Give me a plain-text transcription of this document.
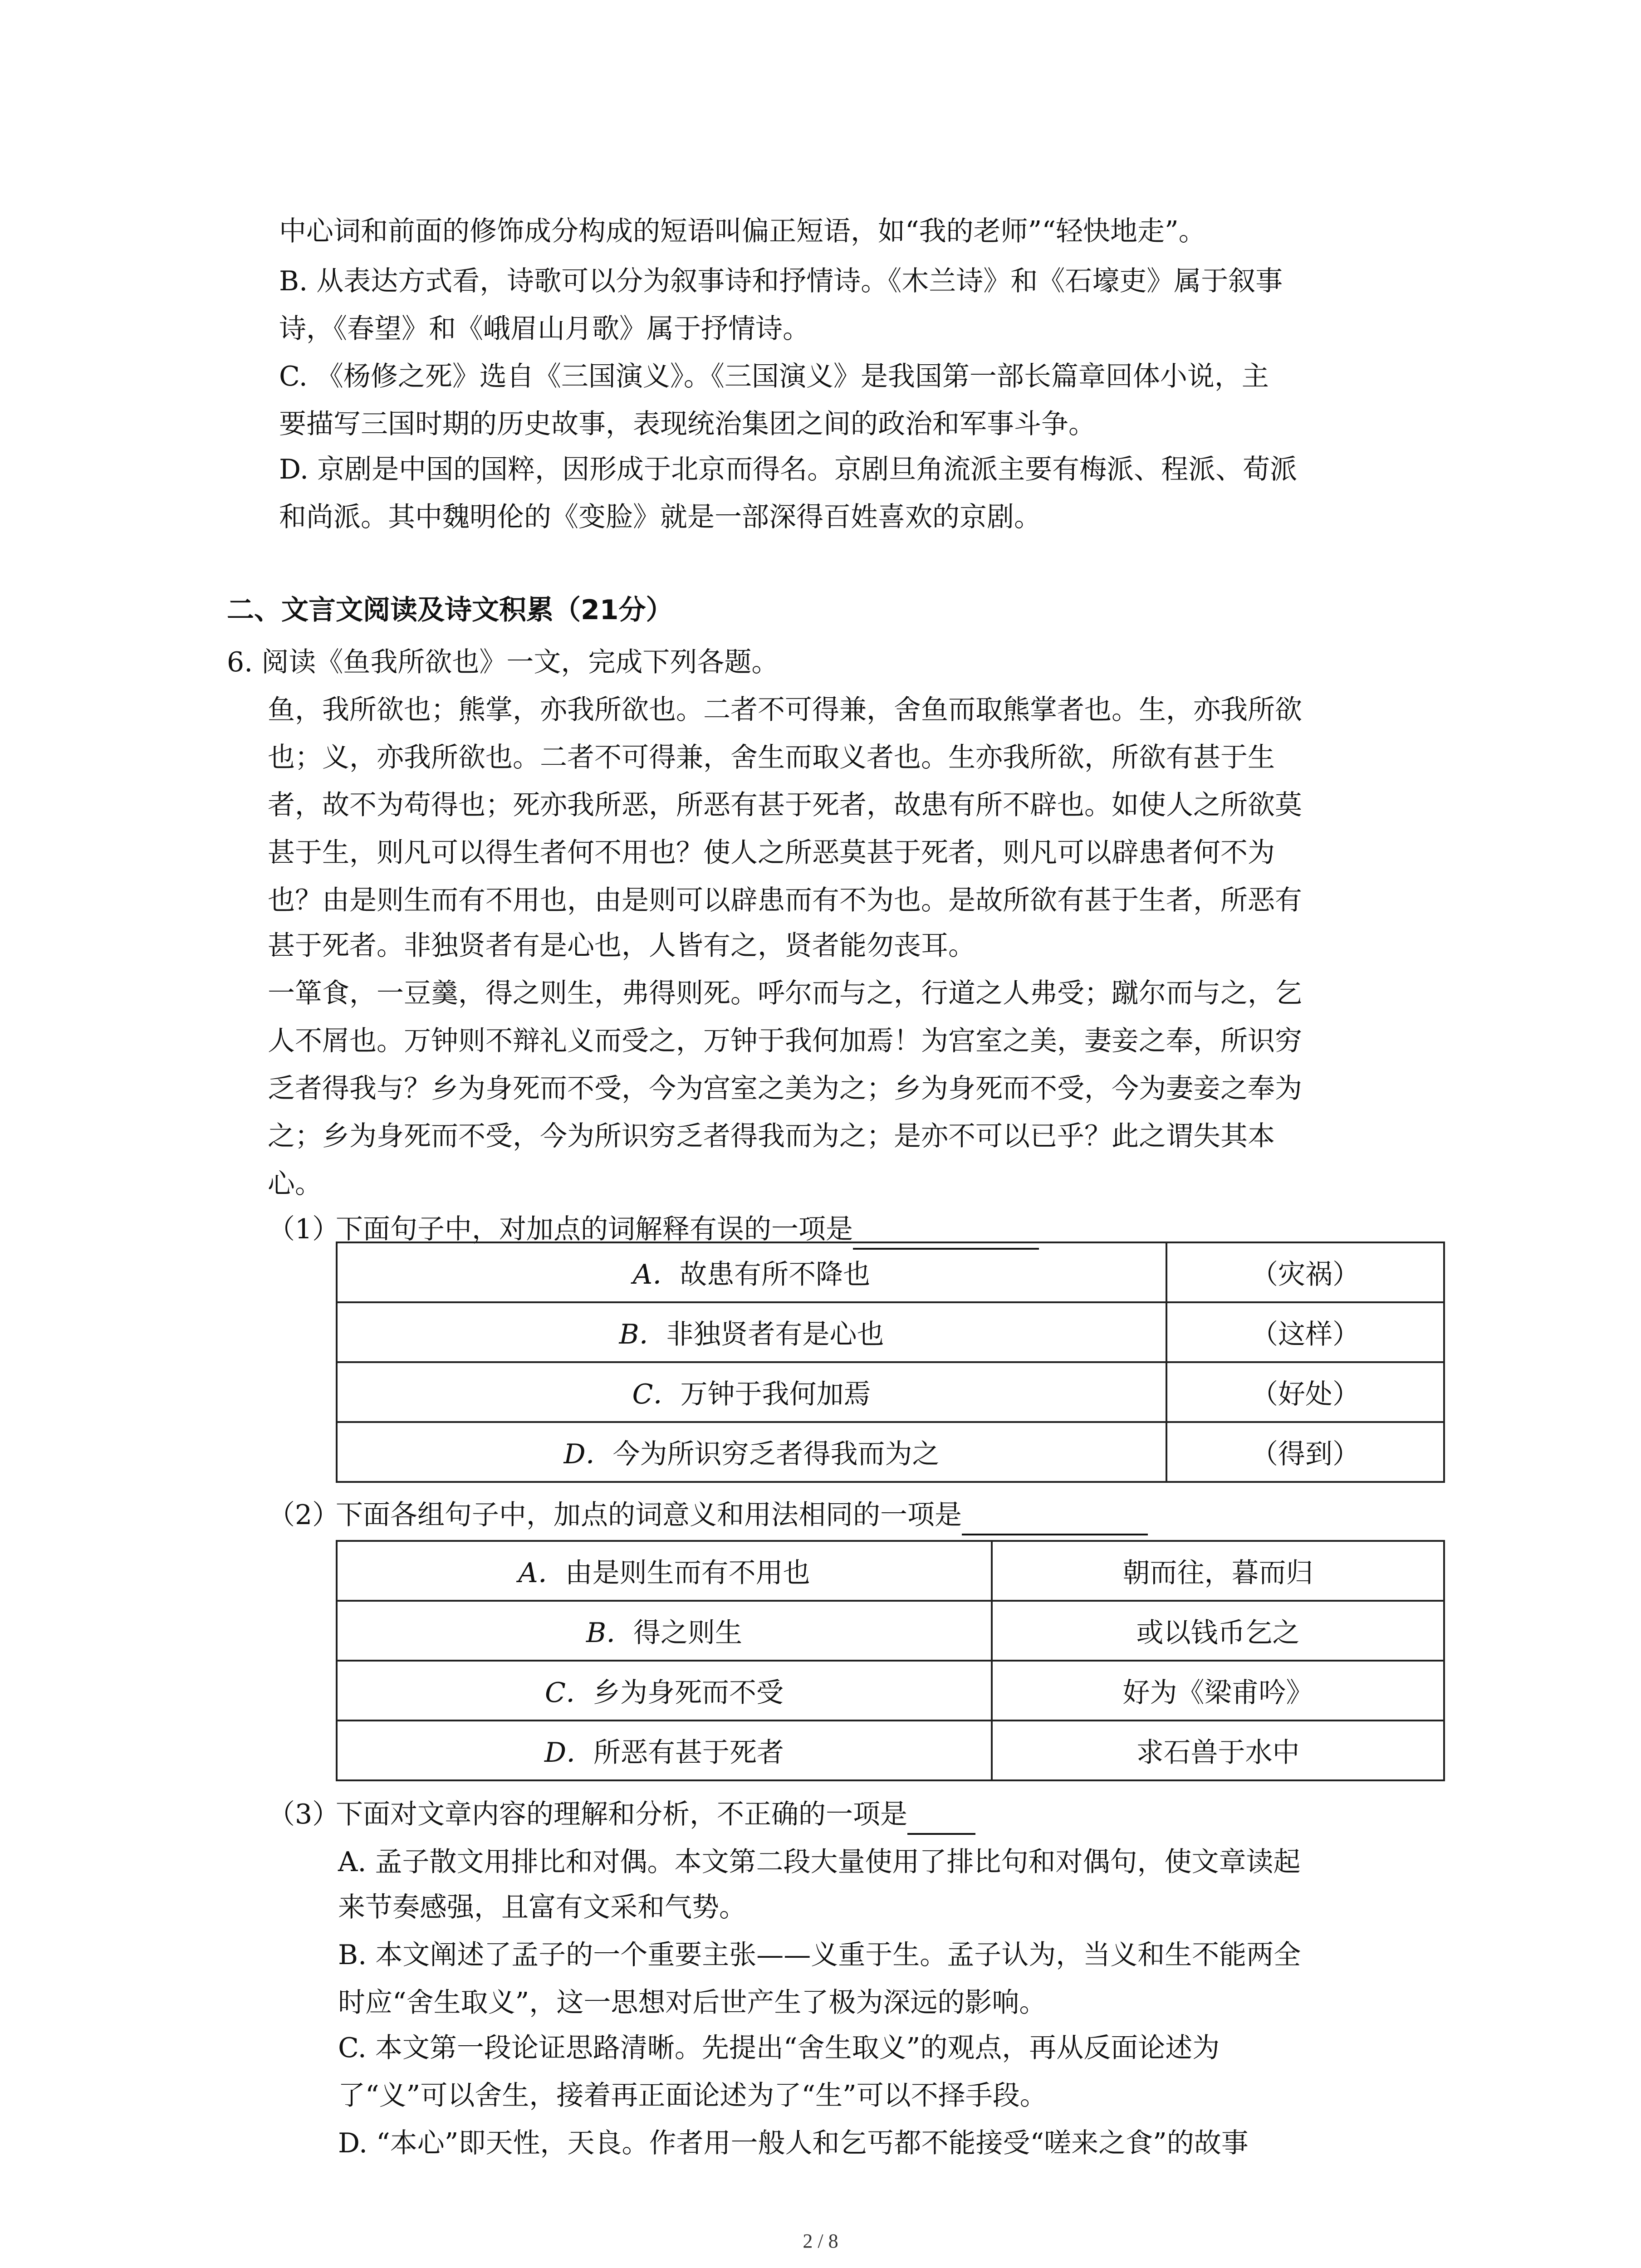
中心词和前面的修饰成分构成的短语叫偏正短语，如“我的老师”“轻快地走”。
B. 从表达方式看，诗歌可以分为叙事诗和抒情诗。《木兰诗》和《石壕吏》属于叙事
诗，《春望》和《峨眉山月歌》属于抒情诗。
C. 《杨修之死》选自《三国演义》。《三国演义》是我国第一部长篇章回体小说，主
要描写三国时期的历史故事，表现统治集团之间的政治和军事斗争。
D. 京剧是中国的国粹，因形成于北京而得名。京剧旦角流派主要有梅派、程派、荀派
和尚派。其中魏明伦的《变脸》就是一部深得百姓喜欢的京剧。
二、文言文阅读及诗文积累（21分）
6. 阅读《鱼我所欲也》一文，完成下列各题。
鱼，我所欲也；熊掌，亦我所欲也。二者不可得兼，舍鱼而取熊掌者也。生，亦我所欲
也；义，亦我所欲也。二者不可得兼，舍生而取义者也。生亦我所欲，所欲有甚于生
者，故不为苟得也；死亦我所恶，所恶有甚于死者，故患有所不辟也。如使人之所欲莫
甚于生，则凡可以得生者何不用也？使人之所恶莫甚于死者，则凡可以辟患者何不为
也？由是则生而有不用也，由是则可以辟患而有不为也。是故所欲有甚于生者，所恶有
甚于死者。非独贤者有是心也，人皆有之，贤者能勿丧耳。
一箪食，一豆羹，得之则生，弗得则死。呼尔而与之，行道之人弗受；蹴尔而与之，乞
人不屑也。万钟则不辩礼义而受之，万钟于我何加焉！为宫室之美，妻妾之奉，所识穷
乏者得我与？乡为身死而不受，今为宫室之美为之；乡为身死而不受，今为妻妾之奉为
之；乡为身死而不受，今为所识穷乏者得我而为之；是亦不可以已乎？此之谓失其本
心。
（1）下面句子中，对加点的词解释有误的一项是
A．故患有所不降也	（灾祸）
B．非独贤者有是心也	（这样）
C．万钟于我何加焉	（好处）
D．今为所识穷乏者得我而为之	（得到）
（2）下面各组句子中，加点的词意义和用法相同的一项是
A．由是则生而有不用也	朝而往，暮而归
B．得之则生	或以钱币乞之
C．乡为身死而不受	好为《梁甫吟》
D．所恶有甚于死者	求石兽于水中
（3）下面对文章内容的理解和分析，不正确的一项是
A. 孟子散文用排比和对偶。本文第二段大量使用了排比句和对偶句，使文章读起
来节奏感强，且富有文采和气势。
B. 本文阐述了孟子的一个重要主张——义重于生。孟子认为，当义和生不能两全
时应“舍生取义”，这一思想对后世产生了极为深远的影响。
C. 本文第一段论证思路清晰。先提出“舍生取义”的观点，再从反面论述为
了“义”可以舍生，接着再正面论述为了“生”可以不择手段。
D. “本心”即天性，天良。作者用一般人和乞丐都不能接受“嗟来之食”的故事
2 / 8
